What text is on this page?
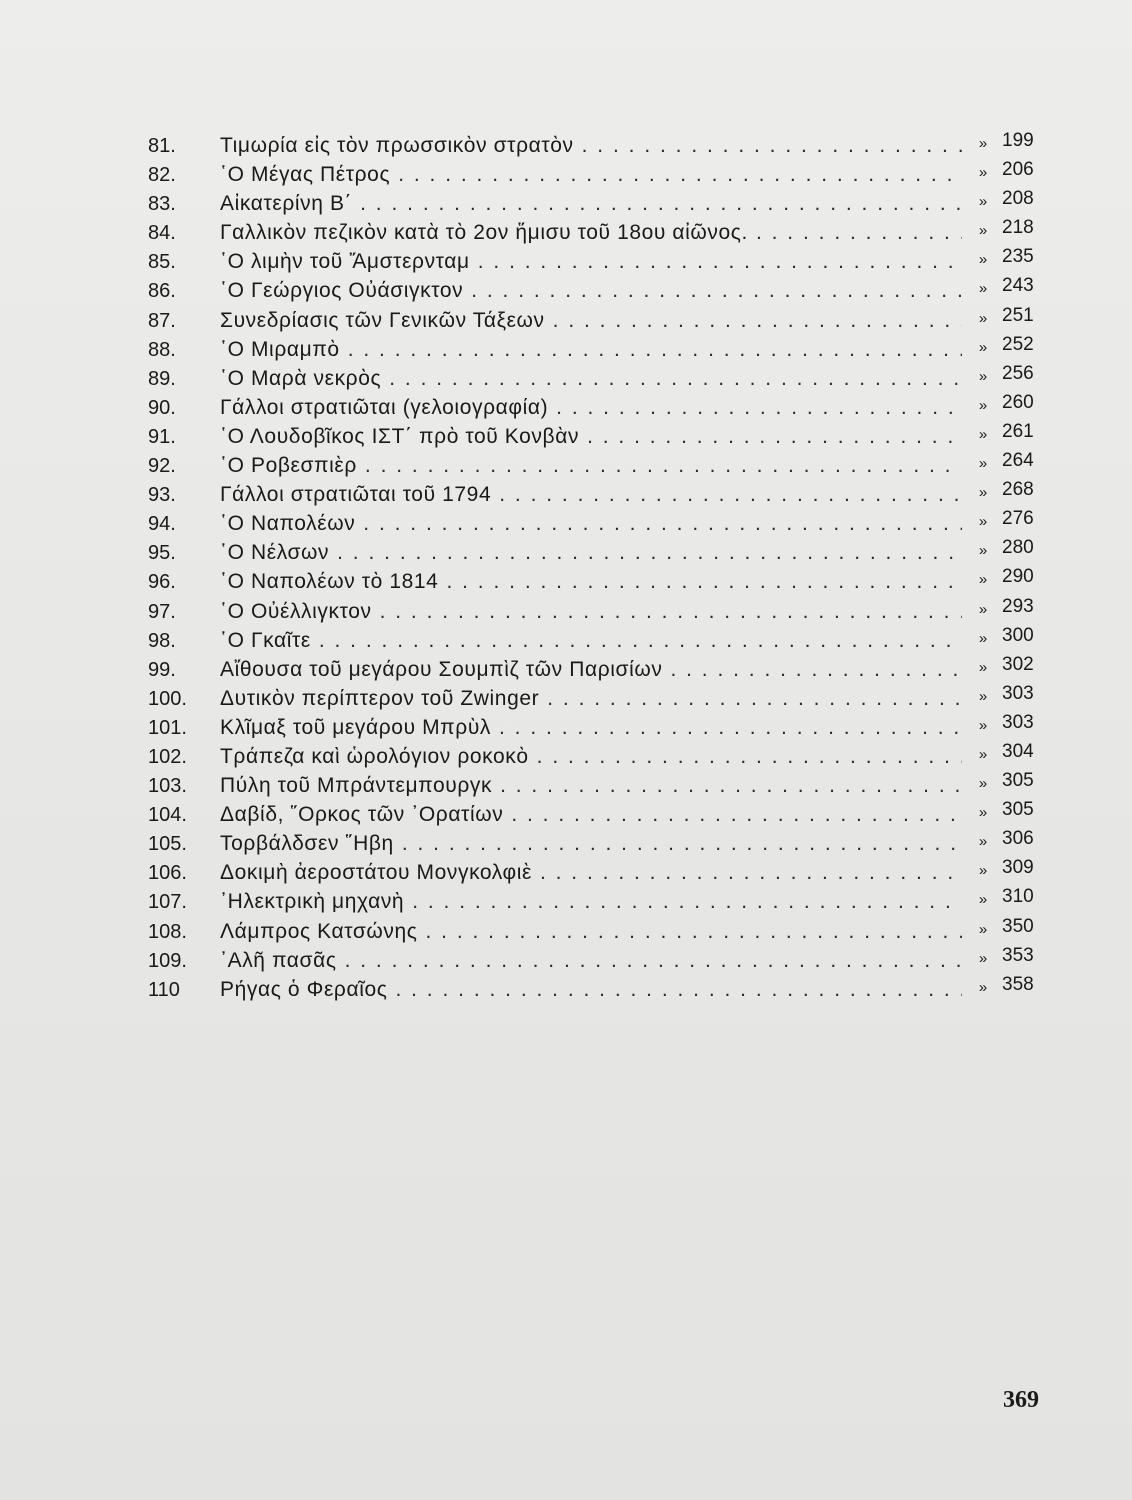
81.	Τιμωρία εἰς τὸν πρωσσικὸν στρατὸν . . .	» 199
82.	῾Ο Μέγας Πέτρος . . .	» 206
83.	Αἰκατερίνη Β΄ . . .	» 208
84.	Γαλλικὸν πεζικὸν κατὰ τὸ 2ον ἥμισυ τοῦ 18ου αἰῶνος. . . .	» 218
85.	῾Ο λιμὴν τοῦ Ἄμστερνταμ . . .	» 235
86.	῾Ο Γεώργιος Οὐάσιγκτον . . .	» 243
87.	Συνεδρίασις τῶν Γενικῶν Τάξεων . . .	» 251
88.	῾Ο Μιραμπὸ . . .	» 252
89.	῾Ο Μαρὰ νεκρὸς . . .	» 256
90.	Γάλλοι στρατιῶται (γελοιογραφία) . . .	» 260
91.	῾Ο Λουδοβῖκος ΙΣΤ΄ πρὸ τοῦ Κονβὰν . . .	» 261
92.	῾Ο Ροβεσπιὲρ . . .	» 264
93.	Γάλλοι στρατιῶται τοῦ 1794 . . .	» 268
94.	῾Ο Ναπολέων . . .	» 276
95.	῾Ο Νέλσων . . .	» 280
96.	῾Ο Ναπολέων τὸ 1814 . . .	» 290
97.	῾Ο Οὐέλλιγκτον . . .	» 293
98.	῾Ο Γκαῖτε . . .	» 300
99.	Αἴθουσα τοῦ μεγάρου Σουμπὶζ τῶν Παρισίων . . .	» 302
100.	Δυτικὸν περίπτερον τοῦ Zwinger . . .	» 303
101.	Κλῖμαξ τοῦ μεγάρου Μπρὺλ . . .	» 303
102.	Τράπεζα καὶ ὡρολόγιον ροκοκὸ . . .	» 304
103.	Πύλη τοῦ Μπράντεμπουργκ . . .	» 305
104.	Δαβίδ, ῞Ορκος τῶν ᾿Ορατίων . . .	» 305
105.	Τορβάλδσεν ῞Ηβη . . .	» 306
106.	Δοκιμὴ ἀεροστάτου Μονγκολφιὲ . . .	» 309
107.	᾿Ηλεκτρικὴ μηχανὴ . . .	» 310
108.	Λάμπρος Κατσώνης . . .	» 350
109.	᾿Αλῆ πασᾶς . . .	» 353
110	Ρήγας ὁ Φεραῖος . . .	» 358
369
